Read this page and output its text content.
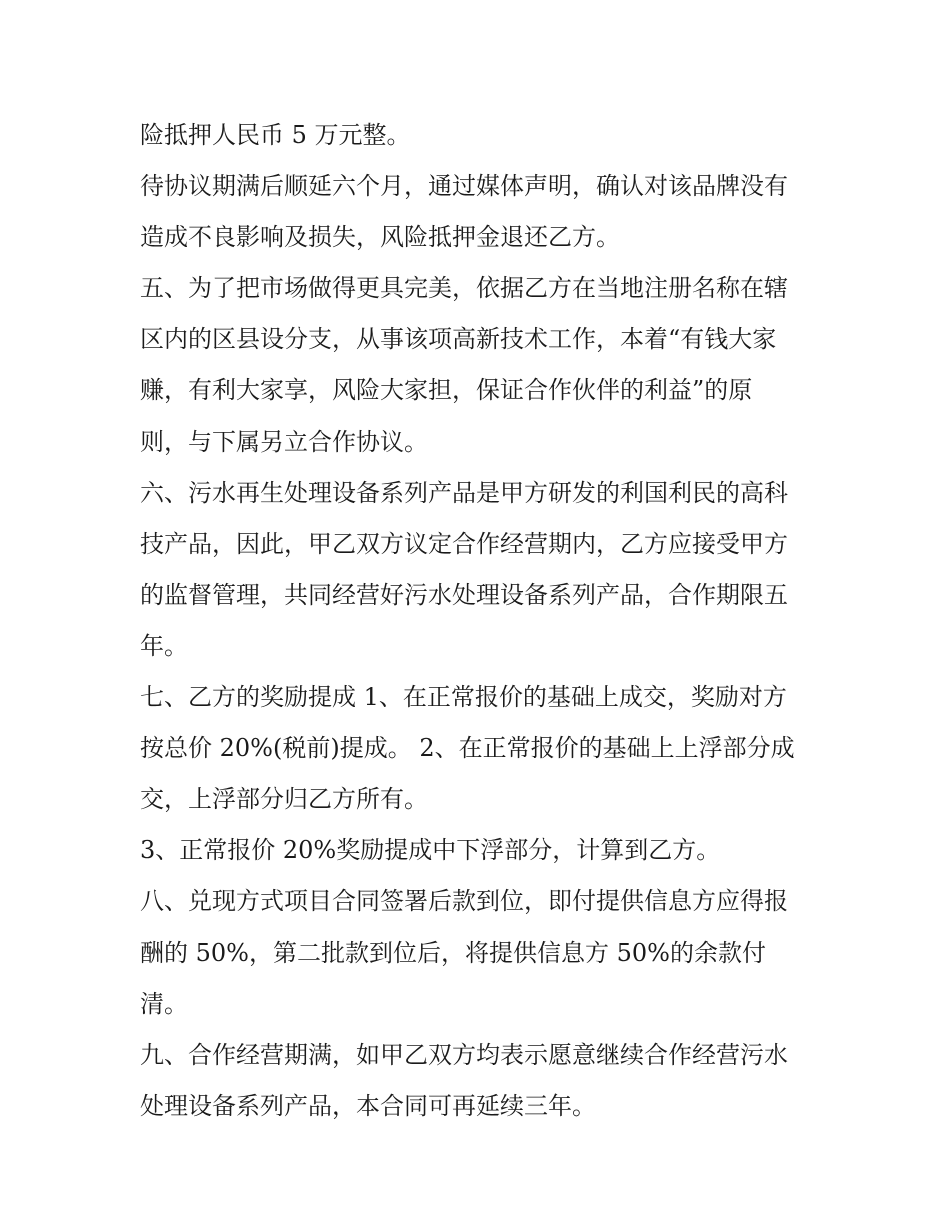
险抵押人民币 5 万元整。
待协议期满后顺延六个月，通过媒体声明，确认对该品牌没有
造成不良影响及损失，风险抵押金退还乙方。
五、为了把市场做得更具完美，依据乙方在当地注册名称在辖
区内的区县设分支，从事该项高新技术工作，本着“有钱大家
赚，有利大家享，风险大家担，保证合作伙伴的利益”的原
则，与下属另立合作协议。
六、污水再生处理设备系列产品是甲方研发的利国利民的高科
技产品，因此，甲乙双方议定合作经营期内，乙方应接受甲方
的监督管理，共同经营好污水处理设备系列产品，合作期限五
年。
七、乙方的奖励提成 1、在正常报价的基础上成交，奖励对方
按总价 20%(税前)提成。 2、在正常报价的基础上上浮部分成
交，上浮部分归乙方所有。
3、正常报价 20%奖励提成中下浮部分，计算到乙方。
八、兑现方式项目合同签署后款到位，即付提供信息方应得报
酬的 50%，第二批款到位后，将提供信息方 50%的余款付
清。
九、合作经营期满，如甲乙双方均表示愿意继续合作经营污水
处理设备系列产品，本合同可再延续三年。
